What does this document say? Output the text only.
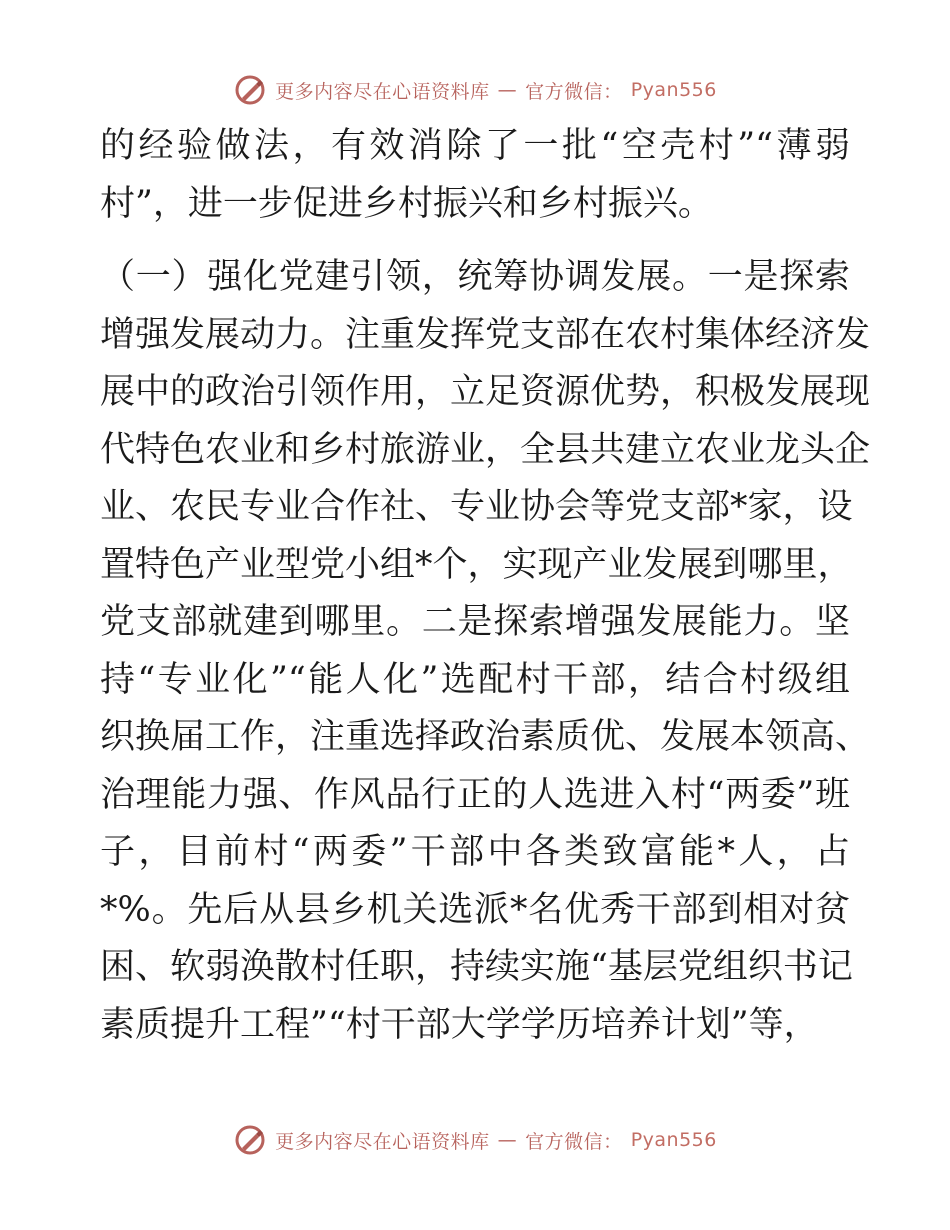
更多内容尽在心语资料库 — 官方微信： Pyan556
的经验做法，有效消除了一批“空壳村”“薄弱
村”，进一步促进乡村振兴和乡村振兴。
（一）强化党建引领，统筹协调发展。一是探索
增强发展动力。注重发挥党支部在农村集体经济发
展中的政治引领作用，立足资源优势，积极发展现
代特色农业和乡村旅游业，全县共建立农业龙头企
业、农民专业合作社、专业协会等党支部*家，设
置特色产业型党小组*个，实现产业发展到哪里，
党支部就建到哪里。二是探索增强发展能力。坚
持“专业化”“能人化”选配村干部，结合村级组
织换届工作，注重选择政治素质优、发展本领高、
治理能力强、作风品行正的人选进入村“两委”班
子，目前村“两委”干部中各类致富能*人，占
*%。先后从县乡机关选派*名优秀干部到相对贫
困、软弱涣散村任职，持续实施“基层党组织书记
素质提升工程”“村干部大学学历培养计划”等，
更多内容尽在心语资料库 — 官方微信： Pyan556
